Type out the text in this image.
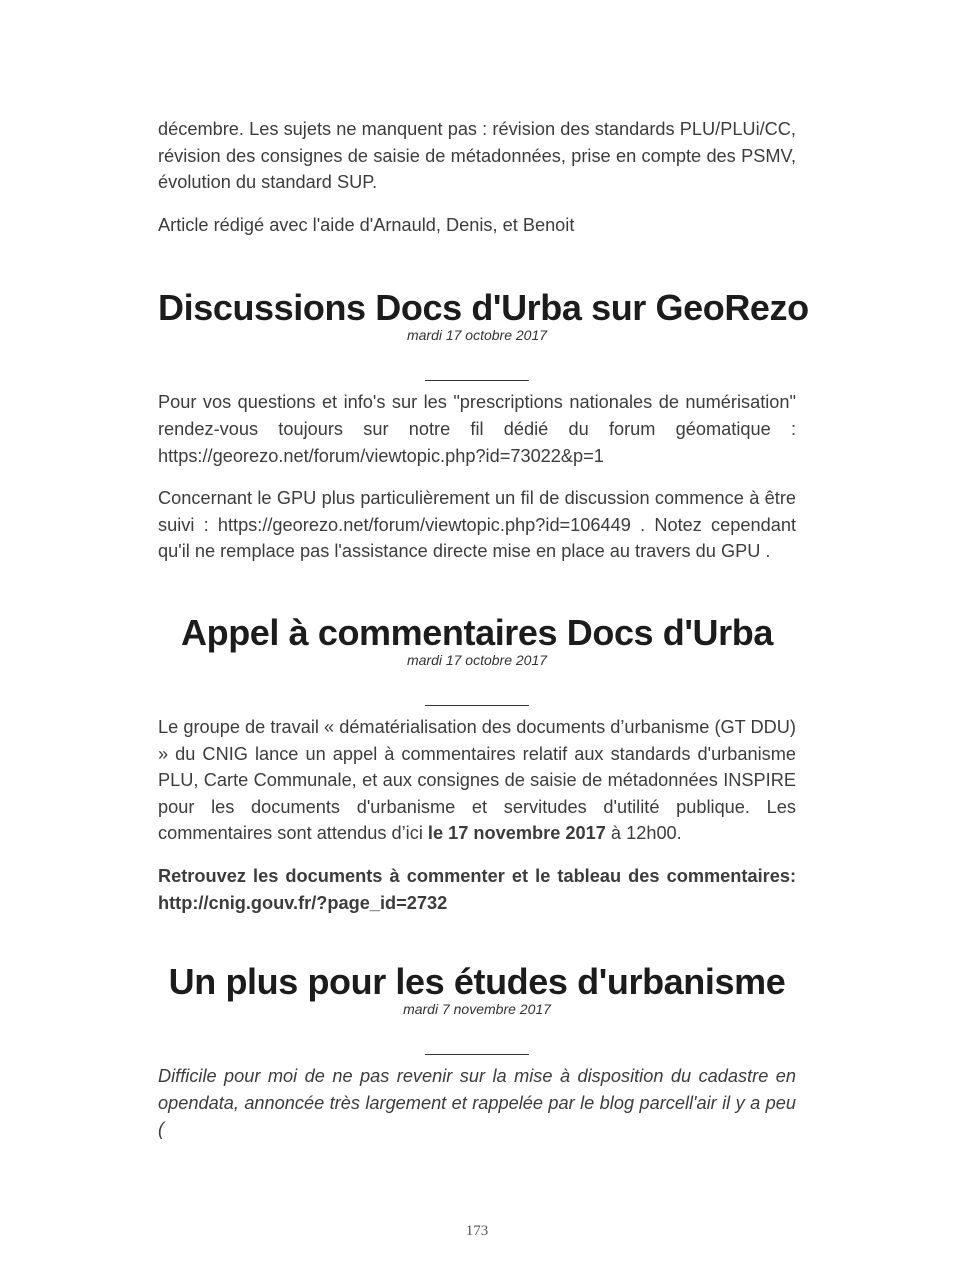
décembre. Les sujets ne manquent pas : révision des standards PLU/PLUi/CC, révision des consignes de saisie de métadonnées, prise en compte des PSMV, évolution du standard SUP.

Article rédigé avec l'aide d'Arnauld, Denis, et Benoit

Discussions Docs d'Urba sur GeoRezo
mardi 17 octobre 2017

Pour vos questions et info's sur les "prescriptions nationales de numérisation" rendez-vous toujours sur notre fil dédié du forum géomatique : https://georezo.net/forum/viewtopic.php?id=73022&p=1

Concernant le GPU plus particulièrement un fil de discussion commence à être suivi : https://georezo.net/forum/viewtopic.php?id=106449 . Notez cependant qu'il ne remplace pas l'assistance directe mise en place au travers du GPU .

Appel à commentaires Docs d'Urba
mardi 17 octobre 2017

Le groupe de travail « dématérialisation des documents d’urbanisme (GT DDU) » du CNIG lance un appel à commentaires relatif aux standards d'urbanisme PLU, Carte Communale, et aux consignes de saisie de métadonnées INSPIRE pour les documents d'urbanisme et servitudes d'utilité publique. Les commentaires sont attendus d’ici le 17 novembre 2017 à 12h00.

Retrouvez les documents à commenter et le tableau des commentaires: http://cnig.gouv.fr/?page_id=2732

Un plus pour les études d'urbanisme
mardi 7 novembre 2017

Difficile pour moi de ne pas revenir sur la mise à disposition du cadastre en opendata, annoncée très largement et rappelée par le blog parcell'air il y a peu (

173
